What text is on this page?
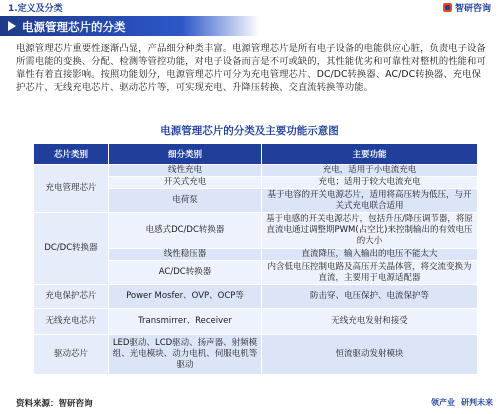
1.定义及分类	智研咨询
电源管理芯片的分类
电源管理芯片重要性逐渐凸显，产品细分种类丰富。电源管理芯片是所有电子设备的电能供应心脏，负责电子设备所需电能的变换、分配、检测等管控功能，对电子设备而言是不可或缺的，其性能优劣和可靠性对整机的性能和可靠性有着直接影响。按照功能划分，电源管理芯片可分为充电管理芯片、DC/DC转换器、AC/DC转换器、充电保护芯片、无线充电芯片、驱动芯片等，可实现充电、升降压转换、交直流转换等功能。
电源管理芯片的分类及主要功能示意图
芯片类别	细分类别	主要功能
充电管理芯片	线性充电	充电，适用于小电流充电
	开关式充电	充电；适用于较大电流充电
	电荷泵	基于电容的开关电源芯片，适用将高压转为低压，与开关式充电联合适用
DC/DC转换器	电感式DC/DC转换器	基于电感的开关电源芯片，包括升压/降压调节器，将原直流电通过调整期PWM(占空比)来控制输出的有效电压的大小
	线性稳压器	直流降压，输入输出的电压不能太大
	AC/DC转换器	内含低电压控制电路及高压开关晶体管，将交流变换为直流，主要用于电源适配器
充电保护芯片	Power Mosfer、OVP、OCP等	防击穿、电压保护、电流保护等
无线充电芯片	Transmirrer、Receiver	无线充电发射和接受
驱动芯片	LED驱动、LCD驱动、扬声器、射频模组、光电模块、动力电机、伺服电机等驱动	恒流驱动发射模块
资料来源：智研咨询	领产业 研判未来
